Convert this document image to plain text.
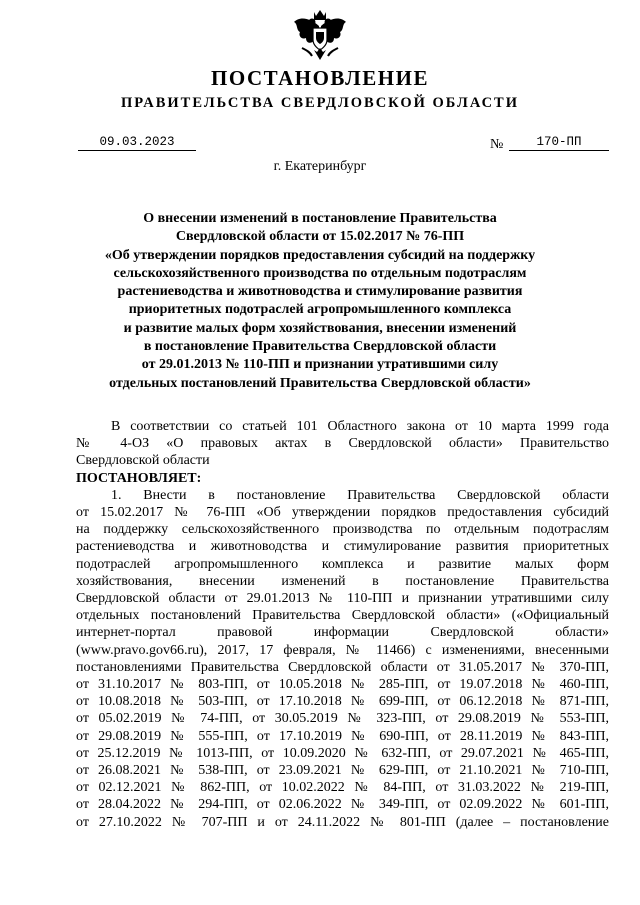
ПОСТАНОВЛЕНИЕ
ПРАВИТЕЛЬСТВА СВЕРДЛОВСКОЙ ОБЛАСТИ
09.03.2023	№	170-ПП
г. Екатеринбург
О внесении изменений в постановление Правительства
Свердловской области от 15.02.2017 № 76-ПП
«Об утверждении порядков предоставления субсидий на поддержку
сельскохозяйственного производства по отдельным подотраслям
растениеводства и животноводства и стимулирование развития
приоритетных подотраслей агропромышленного комплекса
и развитие малых форм хозяйствования, внесении изменений
в постановление Правительства Свердловской области
от 29.01.2013 № 110-ПП и признании утратившими силу
отдельных постановлений Правительства Свердловской области»
В соответствии со статьей 101 Областного закона от 10 марта 1999 года
№ 4-ОЗ «О правовых актах в Свердловской области» Правительство
Свердловской области

ПОСТАНОВЛЯЕТ:

1. Внести в постановление Правительства Свердловской области
от 15.02.2017 № 76-ПП «Об утверждении порядков предоставления субсидий
на поддержку сельскохозяйственного производства по отдельным подотраслям
растениеводства и животноводства и стимулирование развития приоритетных
подотраслей агропромышленного комплекса и развитие малых форм
хозяйствования, внесении изменений в постановление Правительства
Свердловской области от 29.01.2013 № 110-ПП и признании утратившими силу
отдельных постановлений Правительства Свердловской области» («Официальный
интернет-портал правовой информации Свердловской области»
(www.pravo.gov66.ru), 2017, 17 февраля, № 11466) с изменениями, внесенными
постановлениями Правительства Свердловской области от 31.05.2017 № 370-ПП,
от 31.10.2017 № 803-ПП, от 10.05.2018 № 285-ПП, от 19.07.2018 № 460-ПП,
от 10.08.2018 № 503-ПП, от 17.10.2018 № 699-ПП, от 06.12.2018 № 871-ПП,
от 05.02.2019 № 74-ПП, от 30.05.2019 № 323-ПП, от 29.08.2019 № 553-ПП,
от 29.08.2019 № 555-ПП, от 17.10.2019 № 690-ПП, от 28.11.2019 № 843-ПП,
от 25.12.2019 № 1013-ПП, от 10.09.2020 № 632-ПП, от 29.07.2021 № 465-ПП,
от 26.08.2021 № 538-ПП, от 23.09.2021 № 629-ПП, от 21.10.2021 № 710-ПП,
от 02.12.2021 № 862-ПП, от 10.02.2022 № 84-ПП, от 31.03.2022 № 219-ПП,
от 28.04.2022 № 294-ПП, от 02.06.2022 № 349-ПП, от 02.09.2022 № 601-ПП,
от 27.10.2022 № 707-ПП и от 24.11.2022 № 801-ПП (далее – постановление
